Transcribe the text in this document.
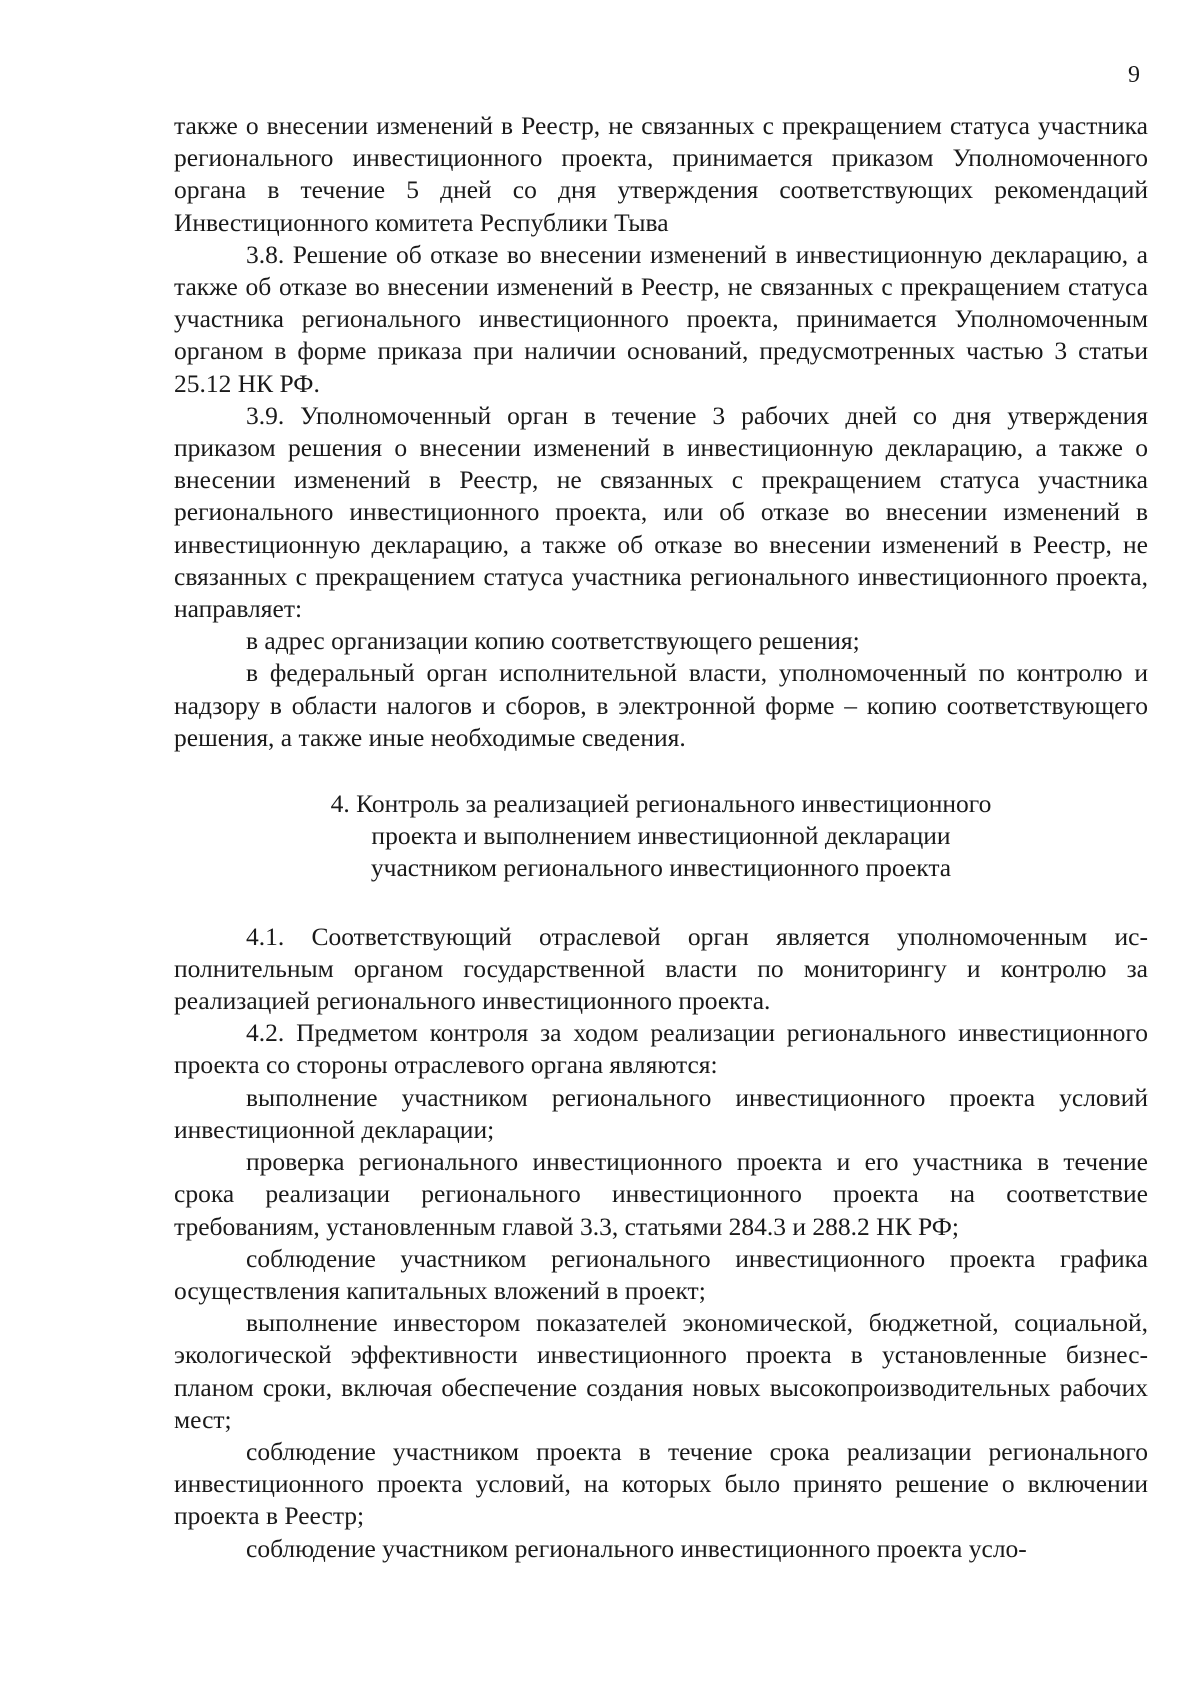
9

также о внесении изменений в Реестр, не связанных с прекращением статуса участника регионального инвестиционного проекта, принимается приказом Уполномоченного органа в течение 5 дней со дня утверждения соответствующих рекомендаций Инвестиционного комитета Республики Тыва

3.8. Решение об отказе во внесении изменений в инвестиционную декларацию, а также об отказе во внесении изменений в Реестр, не связанных с прекращением статуса участника регионального инвестиционного проекта, принимается Уполномоченным органом в форме приказа при наличии оснований, предусмотренных частью 3 статьи 25.12 НК РФ.

3.9. Уполномоченный орган в течение 3 рабочих дней со дня утверждения приказом решения о внесении изменений в инвестиционную декларацию, а также о внесении изменений в Реестр, не связанных с прекращением статуса участника регионального инвестиционного проекта, или об отказе во внесении изменений в инвестиционную декларацию, а также об отказе во внесении изменений в Реестр, не связанных с прекращением статуса участника регионального инвестиционного проекта, направляет:

в адрес организации копию соответствующего решения;

в федеральный орган исполнительной власти, уполномоченный по контролю и надзору в области налогов и сборов, в электронной форме – копию соответствующего решения, а также иные необходимые сведения.

4. Контроль за реализацией регионального инвестиционного
проекта и выполнением инвестиционной декларации
участником регионального инвестиционного проекта

4.1. Соответствующий отраслевой орган является уполномоченным исполнительным органом государственной власти по мониторингу и контролю за реализацией регионального инвестиционного проекта.

4.2. Предметом контроля за ходом реализации регионального инвестиционного проекта со стороны отраслевого органа являются:

выполнение участником регионального инвестиционного проекта условий инвестиционной декларации;

проверка регионального инвестиционного проекта и его участника в течение срока реализации регионального инвестиционного проекта на соответствие требованиям, установленным главой 3.3, статьями 284.3 и 288.2 НК РФ;

соблюдение участником регионального инвестиционного проекта графика осуществления капитальных вложений в проект;

выполнение инвестором показателей экономической, бюджетной, социальной, экологической эффективности инвестиционного проекта в установленные бизнес-планом сроки, включая обеспечение создания новых высокопроизводительных рабочих мест;

соблюдение участником проекта в течение срока реализации регионального инвестиционного проекта условий, на которых было принято решение о включении проекта в Реестр;

соблюдение участником регионального инвестиционного проекта усло-
